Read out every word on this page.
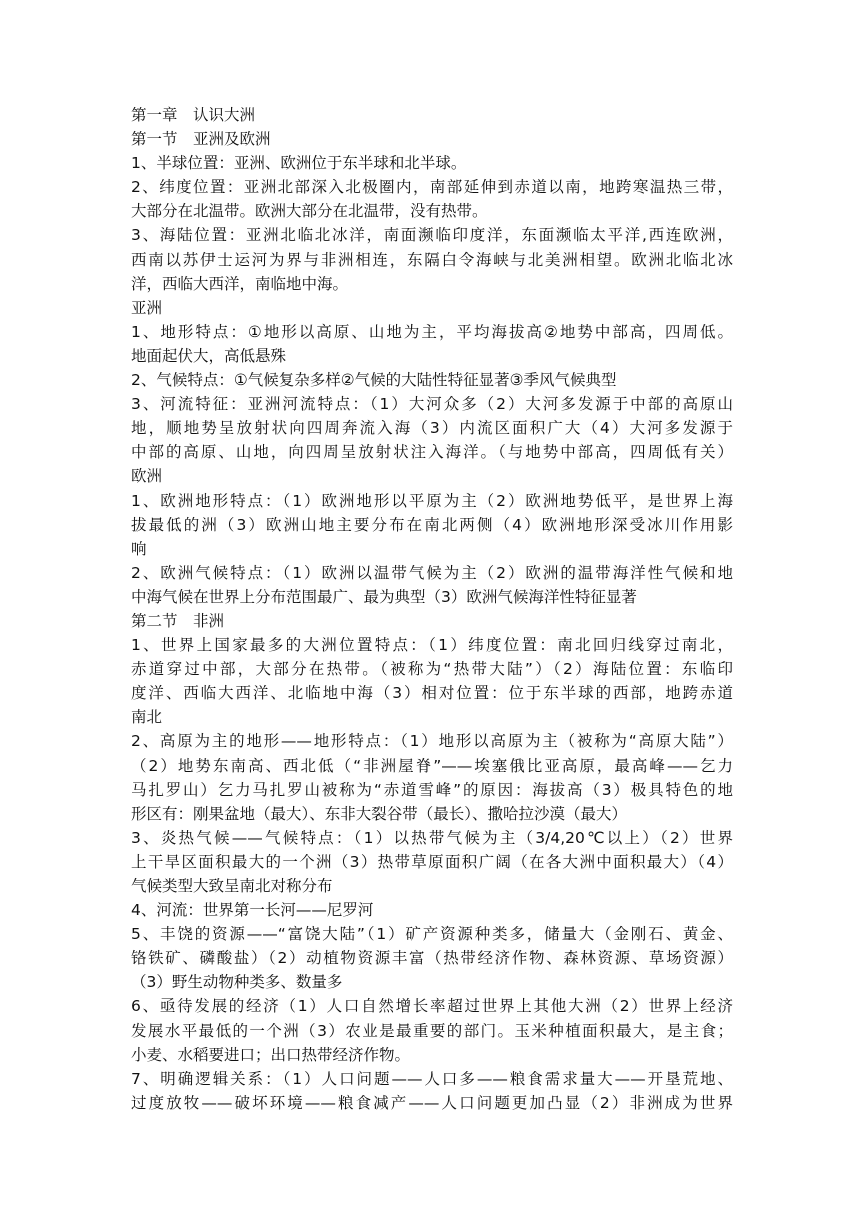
第一章　认识大洲
第一节　亚洲及欧洲
1、半球位置：亚洲、欧洲位于东半球和北半球。
2、纬度位置：亚洲北部深入北极圈内，南部延伸到赤道以南，地跨寒温热三带，
大部分在北温带。欧洲大部分在北温带，没有热带。
3、海陆位置：亚洲北临北冰洋，南面濒临印度洋，东面濒临太平洋,西连欧洲，
西南以苏伊士运河为界与非洲相连，东隔白令海峡与北美洲相望。欧洲北临北冰
洋，西临大西洋，南临地中海。
亚洲
1、地形特点：①地形以高原、山地为主，平均海拔高②地势中部高，四周低。
地面起伏大，高低悬殊
2、气候特点：①气候复杂多样②气候的大陆性特征显著③季风气候典型
3、河流特征：亚洲河流特点：（1）大河众多（2）大河多发源于中部的高原山
地，顺地势呈放射状向四周奔流入海（3）内流区面积广大（4）大河多发源于
中部的高原、山地，向四周呈放射状注入海洋。（与地势中部高，四周低有关）
欧洲
1、欧洲地形特点：（1）欧洲地形以平原为主（2）欧洲地势低平，是世界上海
拔最低的洲（3）欧洲山地主要分布在南北两侧（4）欧洲地形深受冰川作用影
响
2、欧洲气候特点：（1）欧洲以温带气候为主（2）欧洲的温带海洋性气候和地
中海气候在世界上分布范围最广、最为典型（3）欧洲气候海洋性特征显著
第二节　非洲
1、世界上国家最多的大洲位置特点：（1）纬度位置：南北回归线穿过南北，
赤道穿过中部，大部分在热带。（被称为“热带大陆”）（2）海陆位置：东临印
度洋、西临大西洋、北临地中海（3）相对位置：位于东半球的西部，地跨赤道
南北
2、高原为主的地形——地形特点：（1）地形以高原为主（被称为“高原大陆”）
（2）地势东南高、西北低（“非洲屋脊”——埃塞俄比亚高原，最高峰——乞力
马扎罗山）乞力马扎罗山被称为“赤道雪峰”的原因：海拔高（3）极具特色的地
形区有：刚果盆地（最大）、东非大裂谷带（最长）、撒哈拉沙漠（最大）
3、炎热气候——气候特点：（1）以热带气候为主（3/4,20℃以上）（2）世界
上干旱区面积最大的一个洲（3）热带草原面积广阔（在各大洲中面积最大）（4）
气候类型大致呈南北对称分布
4、河流：世界第一长河——尼罗河
5、丰饶的资源——“富饶大陆”（1）矿产资源种类多，储量大（金刚石、黄金、
铬铁矿、磷酸盐）（2）动植物资源丰富（热带经济作物、森林资源、草场资源）
（3）野生动物种类多、数量多
6、亟待发展的经济（1）人口自然增长率超过世界上其他大洲（2）世界上经济
发展水平最低的一个洲（3）农业是最重要的部门。玉米种植面积最大，是主食；
小麦、水稻要进口；出口热带经济作物。
7、明确逻辑关系：（1）人口问题——人口多——粮食需求量大——开垦荒地、
过度放牧——破坏环境——粮食减产——人口问题更加凸显（2）非洲成为世界
